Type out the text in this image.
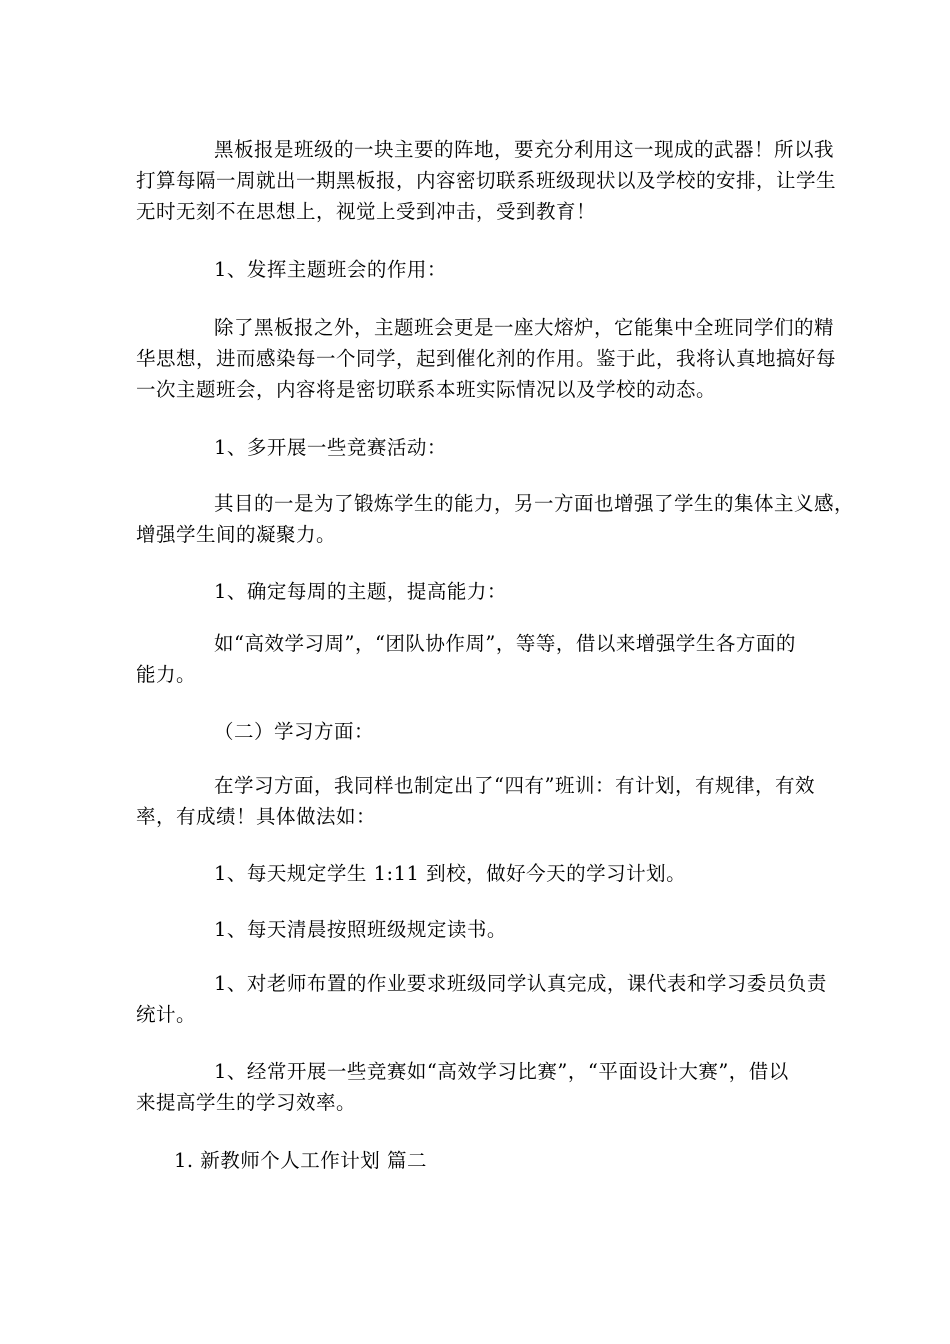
黑板报是班级的一块主要的阵地，要充分利用这一现成的武器！所以我
打算每隔一周就出一期黑板报，内容密切联系班级现状以及学校的安排，让学生
无时无刻不在思想上，视觉上受到冲击，受到教育！

1、发挥主题班会的作用：

除了黑板报之外，主题班会更是一座大熔炉，它能集中全班同学们的精
华思想，进而感染每一个同学，起到催化剂的作用。鉴于此，我将认真地搞好每
一次主题班会，内容将是密切联系本班实际情况以及学校的动态。

1、多开展一些竞赛活动：

其目的一是为了锻炼学生的能力，另一方面也增强了学生的集体主义感，
增强学生间的凝聚力。

1、确定每周的主题，提高能力：

如“高效学习周”，“团队协作周”，等等，借以来增强学生各方面的
能力。

（二）学习方面：

在学习方面，我同样也制定出了“四有”班训：有计划，有规律，有效
率，有成绩！具体做法如：

1、每天规定学生 1:11 到校，做好今天的学习计划。

1、每天清晨按照班级规定读书。

1、对老师布置的作业要求班级同学认真完成，课代表和学习委员负责
统计。

1、经常开展一些竞赛如“高效学习比赛”，“平面设计大赛”，借以
来提高学生的学习效率。

1. 新教师个人工作计划 篇二
